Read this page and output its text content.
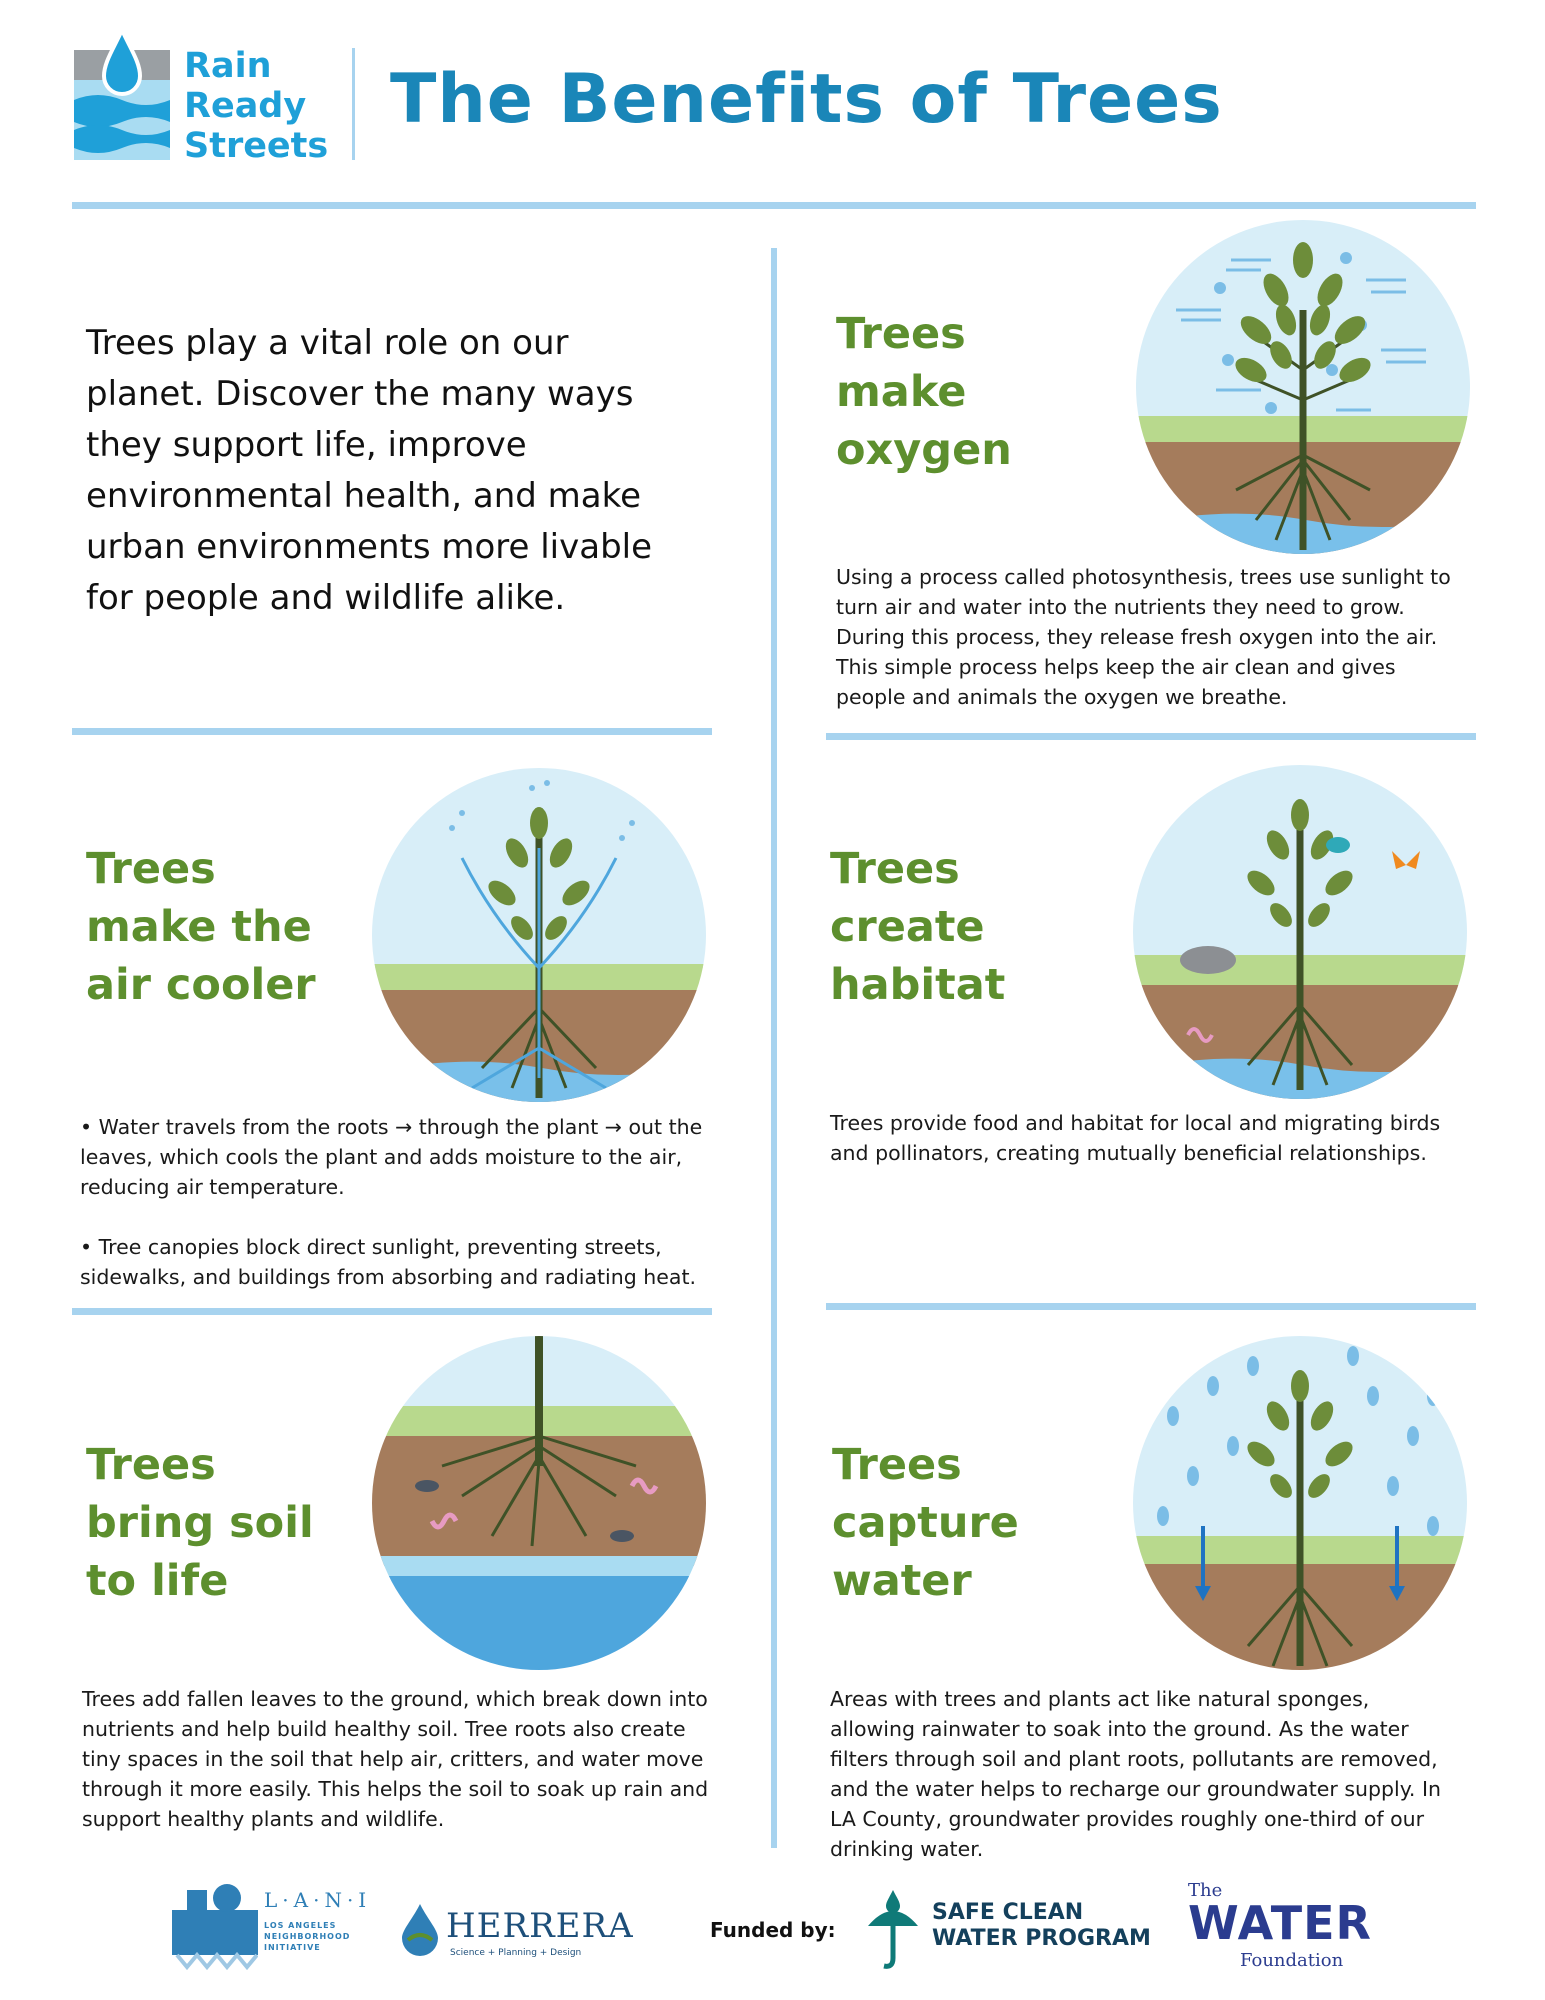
Rain
Ready
Streets
The Benefits of Trees
Trees play a vital role on our planet. Discover the many ways they support life, improve environmental health, and make urban environments more livable for people and wildlife alike.
Trees
make
oxygen
Using a process called photosynthesis, trees use sunlight to turn air and water into the nutrients they need to grow. During this process, they release fresh oxygen into the air. This simple process helps keep the air clean and gives people and animals the oxygen we breathe.
Trees
make the
air cooler
• Water travels from the roots → through the plant → out the leaves, which cools the plant and adds moisture to the air, reducing air temperature.
• Tree canopies block direct sunlight, preventing streets, sidewalks, and buildings from absorbing and radiating heat.
Trees
create
habitat
Trees provide food and habitat for local and migrating birds and pollinators, creating mutually beneficial relationships.
Trees
bring soil
to life
Trees add fallen leaves to the ground, which break down into nutrients and help build healthy soil. Tree roots also create tiny spaces in the soil that help air, critters, and water move through it more easily. This helps the soil to soak up rain and support healthy plants and wildlife.
Trees
capture
water
Areas with trees and plants act like natural sponges, allowing rainwater to soak into the ground. As the water filters through soil and plant roots, pollutants are removed, and the water helps to recharge our groundwater supply. In LA County, groundwater provides roughly one-third of our drinking water.
L·A·N·I
LOS ANGELES
NEIGHBORHOOD
INITIATIVE
HERRERA
Science + Planning + Design
Funded by:
SAFE CLEAN
WATER PROGRAM
The
WATER
Foundation
